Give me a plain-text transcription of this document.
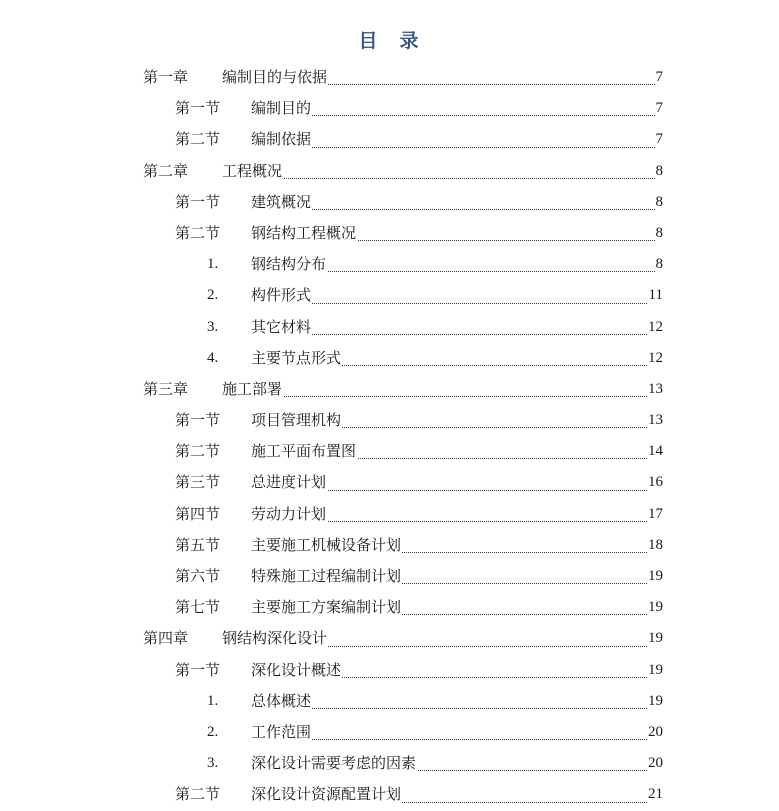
目 录
第一章 编制目的与依据	7
第一节 编制目的	7
第二节 编制依据	7
第二章 工程概况	8
第一节 建筑概况	8
第二节 钢结构工程概况	8
1. 钢结构分布	8
2. 构件形式	11
3. 其它材料	12
4. 主要节点形式	12
第三章 施工部署	13
第一节 项目管理机构	13
第二节 施工平面布置图	14
第三节 总进度计划	16
第四节 劳动力计划	17
第五节 主要施工机械设备计划	18
第六节 特殊施工过程编制计划	19
第七节 主要施工方案编制计划	19
第四章 钢结构深化设计	19
第一节 深化设计概述	19
1. 总体概述	19
2. 工作范围	20
3. 深化设计需要考虑的因素	20
第二节 深化设计资源配置计划	21
